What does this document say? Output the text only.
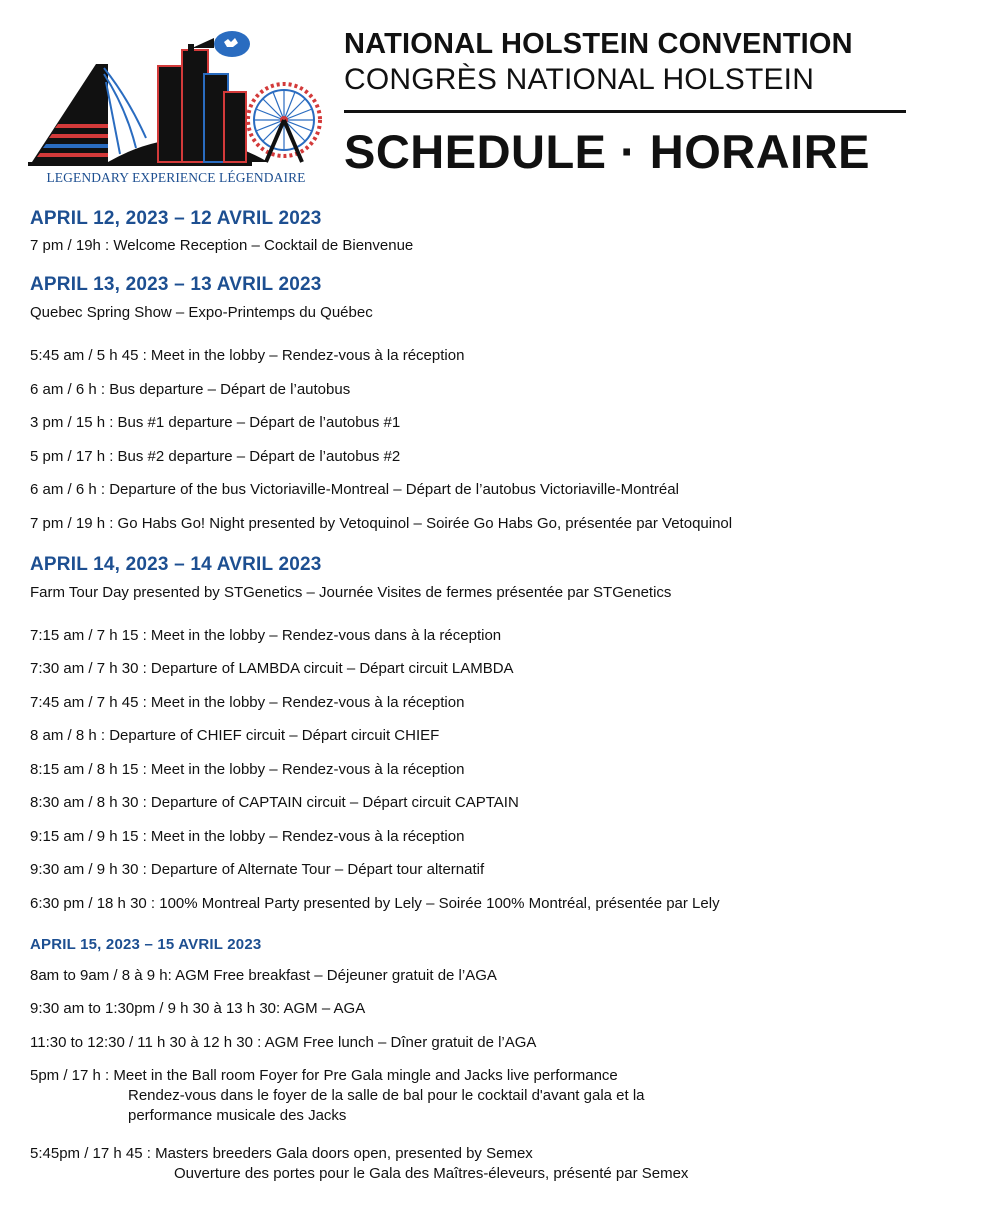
LEGENDARY EXPERIENCE LÉGENDAIRE
NATIONAL HOLSTEIN CONVENTION
CONGRÈS NATIONAL HOLSTEIN
SCHEDULE · HORAIRE
APRIL 12, 2023 – 12 AVRIL 2023
7 pm / 19h : Welcome Reception – Cocktail de Bienvenue
APRIL 13, 2023 – 13 AVRIL 2023
Quebec Spring Show – Expo-Printemps du Québec
5:45 am / 5 h 45 : Meet in the lobby – Rendez-vous à la réception
6 am / 6 h : Bus departure – Départ de l’autobus
3 pm / 15 h : Bus #1 departure – Départ de l’autobus #1
5 pm / 17 h : Bus #2 departure – Départ de l’autobus #2
6 am / 6 h : Departure of the bus Victoriaville-Montreal – Départ de l’autobus Victoriaville-Montréal
7 pm / 19 h : Go Habs Go! Night presented by Vetoquinol – Soirée Go Habs Go, présentée par Vetoquinol
APRIL 14, 2023 – 14 AVRIL 2023
Farm Tour Day presented by STGenetics – Journée Visites de fermes présentée par STGenetics
7:15 am / 7 h 15 : Meet in the lobby – Rendez-vous dans à la réception
7:30 am / 7 h 30 : Departure of LAMBDA circuit – Départ circuit LAMBDA
7:45 am / 7 h 45 : Meet in the lobby – Rendez-vous à la réception
8 am / 8 h : Departure of CHIEF circuit – Départ circuit CHIEF
8:15 am / 8 h 15 : Meet in the lobby – Rendez-vous à la réception
8:30 am / 8 h 30 : Departure of CAPTAIN circuit – Départ circuit CAPTAIN
9:15 am / 9 h 15 : Meet in the lobby – Rendez-vous à la réception
9:30 am / 9 h 30 : Departure of Alternate Tour – Départ tour alternatif
6:30 pm / 18 h 30 : 100% Montreal Party presented by Lely – Soirée 100% Montréal, présentée par Lely
APRIL 15, 2023 – 15 AVRIL 2023
8am to 9am / 8 à 9 h: AGM Free breakfast – Déjeuner gratuit de l’AGA
9:30 am to 1:30pm / 9 h 30 à 13 h 30: AGM – AGA
11:30 to 12:30 / 11 h 30 à 12 h 30 : AGM Free lunch – Dîner gratuit de l’AGA
5pm / 17 h : Meet in the Ball room Foyer for Pre Gala mingle and Jacks live performance
Rendez-vous dans le foyer de la salle de bal pour le cocktail d'avant gala et la
performance musicale des Jacks
5:45pm / 17 h 45 : Masters breeders Gala doors open, presented by Semex
Ouverture des portes pour le Gala des Maîtres-éleveurs, présenté par Semex
